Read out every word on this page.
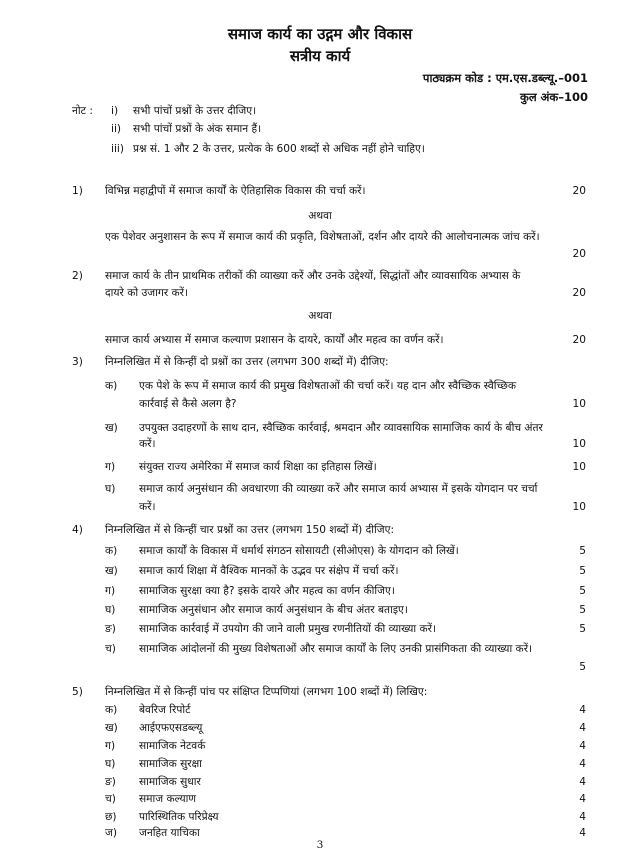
समाज कार्य का उद्गम और विकास
सत्रीय कार्य
पाठ्यक्रम कोड : एम.एस.डब्ल्यू.–001
कुल अंक–100
नोट : i) सभी पांचों प्रश्नों के उत्तर दीजिए।
ii) सभी पांचों प्रश्नों के अंक समान हैं।
iii) प्रश्न सं. 1 और 2 के उत्तर, प्रत्येक के 600 शब्दों से अधिक नहीं होने चाहिए।
1) विभिन्न महाद्वीपों में समाज कार्यों के ऐतिहासिक विकास की चर्चा करें।	20
अथवा
एक पेशेवर अनुशासन के रूप में समाज कार्य की प्रकृति, विशेषताओं, दर्शन और दायरे की आलोचनात्मक जांच करें।
20
2) समाज कार्य के तीन प्राथमिक तरीकों की व्याख्या करें और उनके उद्देश्यों, सिद्धांतों और व्यावसायिक अभ्यास के
दायरे को उजागर करें।	20
अथवा
समाज कार्य अभ्यास में समाज कल्याण प्रशासन के दायरे, कार्यों और महत्व का वर्णन करें।	20
3) निम्नलिखित में से किन्हीं दो प्रश्नों का उत्तर (लगभग 300 शब्दों में) दीजिए:
क) एक पेशे के रूप में समाज कार्य की प्रमुख विशेषताओं की चर्चा करें। यह दान और स्वैच्छिक स्वैच्छिक
कार्रवाई से कैसे अलग है?	10
ख) उपयुक्त उदाहरणों के साथ दान, स्वैच्छिक कार्रवाई, श्रमदान और व्यावसायिक सामाजिक कार्य के बीच अंतर
करें।	10
ग) संयुक्त राज्य अमेरिका में समाज कार्य शिक्षा का इतिहास लिखें।	10
घ) समाज कार्य अनुसंधान की अवधारणा की व्याख्या करें और समाज कार्य अभ्यास में इसके योगदान पर चर्चा
करें।	10
4) निम्नलिखित में से किन्हीं चार प्रश्नों का उत्तर (लगभग 150 शब्दों में) दीजिए:
क) समाज कार्यों के विकास में धर्मार्थ संगठन सोसायटी (सीओएस) के योगदान को लिखें।	5
ख) समाज कार्य शिक्षा में वैश्विक मानकों के उद्भव पर संक्षेप में चर्चा करें।	5
ग) सामाजिक सुरक्षा क्या है? इसके दायरे और महत्व का वर्णन कीजिए।	5
घ) सामाजिक अनुसंधान और समाज कार्य अनुसंधान के बीच अंतर बताइए।	5
ङ) सामाजिक कार्रवाई में उपयोग की जाने वाली प्रमुख रणनीतियों की व्याख्या करें।	5
च) सामाजिक आंदोलनों की मुख्य विशेषताओं और समाज कार्यों के लिए उनकी प्रासंगिकता की व्याख्या करें।
5
5) निम्नलिखित में से किन्हीं पांच पर संक्षिप्त टिप्पणियां (लगभग 100 शब्दों में) लिखिए:
क) बेवरिज रिपोर्ट	4
ख) आईएफएसडब्ल्यू	4
ग) सामाजिक नेटवर्क	4
घ) सामाजिक सुरक्षा	4
ङ) सामाजिक सुधार	4
च) समाज कल्याण	4
छ) पारिस्थितिक परिप्रेक्ष्य	4
ज) जनहित याचिका	4
3
